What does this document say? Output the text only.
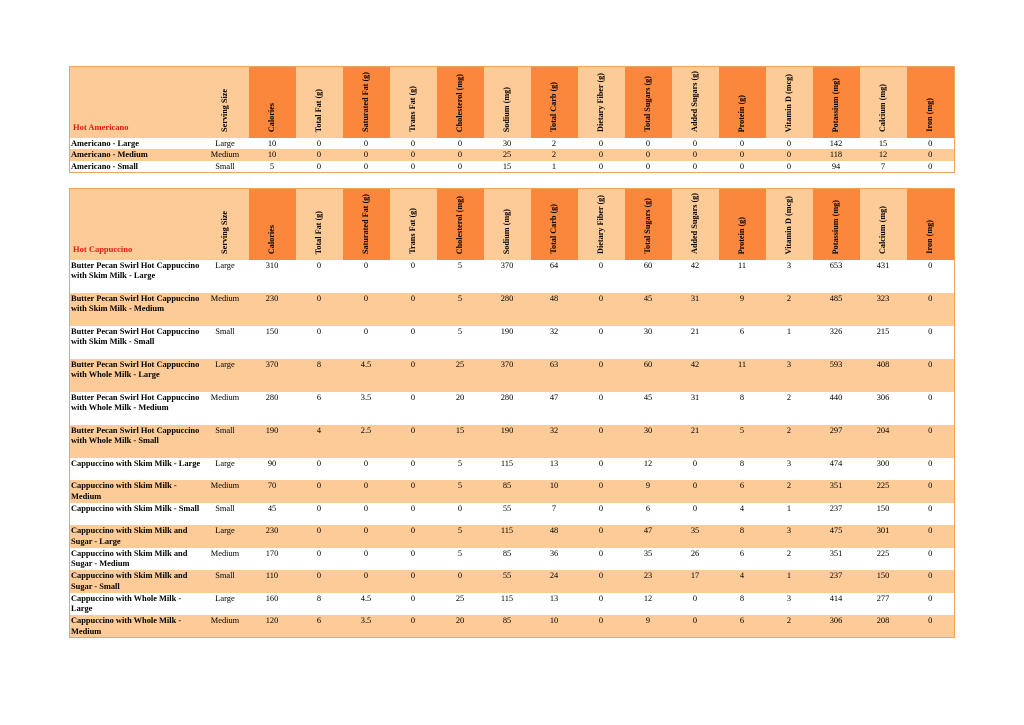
Hot Americano	Serving Size	Calories	Total Fat (g)	Saturated Fat (g)	Trans Fat (g)	Cholesterol (mg)	Sodium (mg)	Total Carb (g)	Dietary Fiber (g)	Total Sugars (g)	Added Sugars (g)	Protein (g)	Vitamin D (mcg)	Potassium (mg)	Calcium (mg)	Iron (mg)
Americano - Large	Large	10	0	0	0	0	30	2	0	0	0	0	0	142	15	0
Americano - Medium	Medium	10	0	0	0	0	25	2	0	0	0	0	0	118	12	0
Americano - Small	Small	5	0	0	0	0	15	1	0	0	0	0	0	94	7	0
Hot Cappuccino	Serving Size	Calories	Total Fat (g)	Saturated Fat (g)	Trans Fat (g)	Cholesterol (mg)	Sodium (mg)	Total Carb (g)	Dietary Fiber (g)	Total Sugars (g)	Added Sugars (g)	Protein (g)	Vitamin D (mcg)	Potassium (mg)	Calcium (mg)	Iron (mg)
Butter Pecan Swirl Hot Cappuccino with Skim Milk - Large	Large	310	0	0	0	5	370	64	0	60	42	11	3	653	431	0
Butter Pecan Swirl Hot Cappuccino with Skim Milk - Medium	Medium	230	0	0	0	5	280	48	0	45	31	9	2	485	323	0
Butter Pecan Swirl Hot Cappuccino with Skim Milk - Small	Small	150	0	0	0	5	190	32	0	30	21	6	1	326	215	0
Butter Pecan Swirl Hot Cappuccino with Whole Milk - Large	Large	370	8	4.5	0	25	370	63	0	60	42	11	3	593	408	0
Butter Pecan Swirl Hot Cappuccino with Whole Milk - Medium	Medium	280	6	3.5	0	20	280	47	0	45	31	8	2	440	306	0
Butter Pecan Swirl Hot Cappuccino with Whole Milk - Small	Small	190	4	2.5	0	15	190	32	0	30	21	5	2	297	204	0
Cappuccino with Skim Milk - Large	Large	90	0	0	0	5	115	13	0	12	0	8	3	474	300	0
Cappuccino with Skim Milk - Medium	Medium	70	0	0	0	5	85	10	0	9	0	6	2	351	225	0
Cappuccino with Skim Milk - Small	Small	45	0	0	0	0	55	7	0	6	0	4	1	237	150	0
Cappuccino with Skim Milk and Sugar - Large	Large	230	0	0	0	5	115	48	0	47	35	8	3	475	301	0
Cappuccino with Skim Milk and Sugar - Medium	Medium	170	0	0	0	5	85	36	0	35	26	6	2	351	225	0
Cappuccino with Skim Milk and Sugar - Small	Small	110	0	0	0	0	55	24	0	23	17	4	1	237	150	0
Cappuccino with Whole Milk - Large	Large	160	8	4.5	0	25	115	13	0	12	0	8	3	414	277	0
Cappuccino with Whole Milk - Medium	Medium	120	6	3.5	0	20	85	10	0	9	0	6	2	306	208	0
